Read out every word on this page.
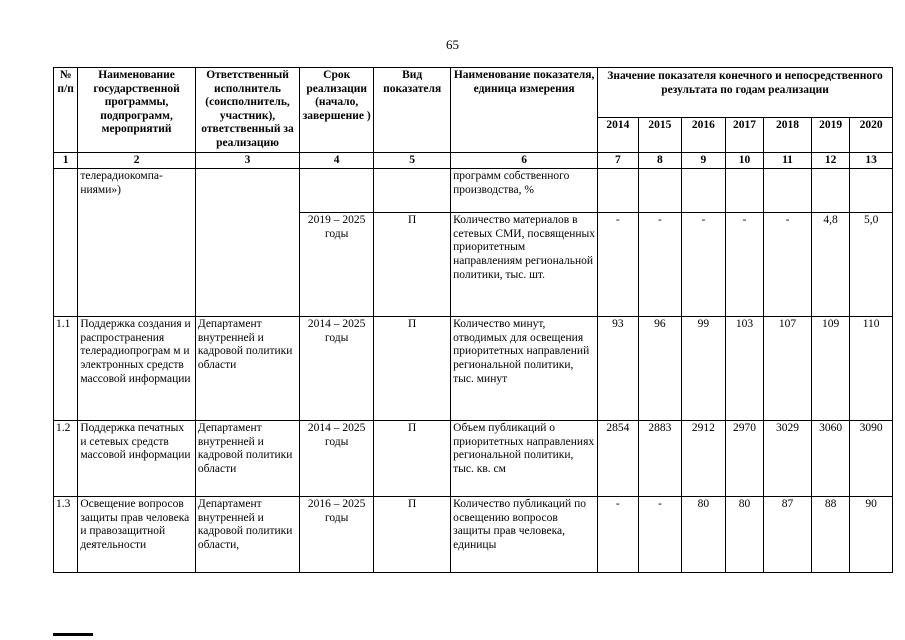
65
№ п/п	Наименование государственной программы, подпрограмм, мероприятий	Ответственный исполнитель (соисполнитель, участник), ответственный за реализацию	Срок реализации (начало, завершение )	Вид показателя	Наименование показателя, единица измерения	Значение показателя конечного и непосредственного результата по годам реализации						
						2014	2015	2016	2017	2018	2019	2020
1	2	3	4	5	6	7	8	9	10	11	12	13
	телерадиокомпа-ниями»)				программ собственного производства, %							
			2019 – 2025 годы	П	Количество материалов в сетевых СМИ, посвященных приоритетным направлениям региональной политики, тыс. шт.	-	-	-	-	-	4,8	5,0
1.1	Поддержка создания и распространения телерадиопрограм м и электронных средств массовой информации	Департамент внутренней и кадровой политики области	2014 – 2025 годы	П	Количество минут, отводимых для освещения приоритетных направлений региональной политики, тыс. минут	93	96	99	103	107	109	110
1.2	Поддержка печатных и сетевых средств массовой информации	Департамент внутренней и кадровой политики области	2014 – 2025 годы	П	Объем публикаций о приоритетных направлениях региональной политики, тыс. кв. см	2854	2883	2912	2970	3029	3060	3090
1.3	Освещение вопросов защиты прав человека и правозащитной деятельности	Департамент внутренней и кадровой политики области,	2016 – 2025 годы	П	Количество публикаций по освещению вопросов защиты прав человека, единицы	-	-	80	80	87	88	90
